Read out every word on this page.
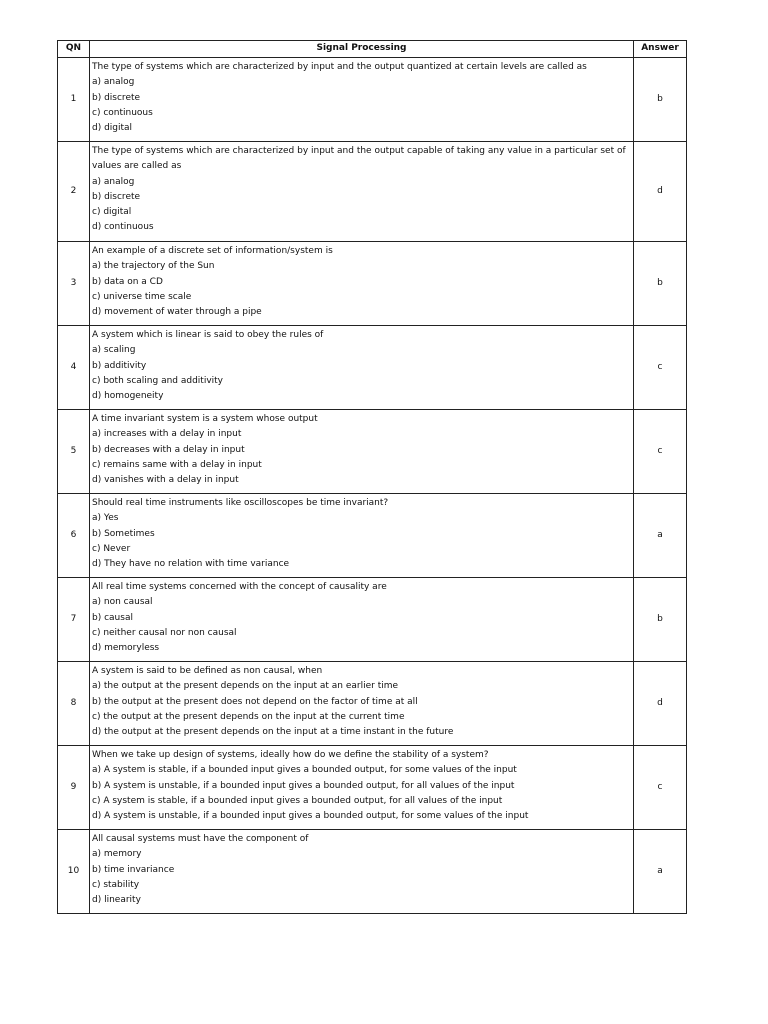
QN	Signal Processing	Answer
1	The type of systems which are characterized by input and the output quantized at certain levels are called as
a) analog
b) discrete
c) continuous
d) digital	b
2	The type of systems which are characterized by input and the output capable of taking any value in a particular set of values are called as
a) analog
b) discrete
c) digital
d) continuous	d
3	An example of a discrete set of information/system is
a) the trajectory of the Sun
b) data on a CD
c) universe time scale
d) movement of water through a pipe	b
4	A system which is linear is said to obey the rules of
a) scaling
b) additivity
c) both scaling and additivity
d) homogeneity	c
5	A time invariant system is a system whose output
a) increases with a delay in input
b) decreases with a delay in input
c) remains same with a delay in input
d) vanishes with a delay in input	c
6	Should real time instruments like oscilloscopes be time invariant?
a) Yes
b) Sometimes
c) Never
d) They have no relation with time variance	a
7	All real time systems concerned with the concept of causality are
a) non causal
b) causal
c) neither causal nor non causal
d) memoryless	b
8	A system is said to be defined as non causal, when
a) the output at the present depends on the input at an earlier time
b) the output at the present does not depend on the factor of time at all
c) the output at the present depends on the input at the current time
d) the output at the present depends on the input at a time instant in the future	d
9	When we take up design of systems, ideally how do we define the stability of a system?
a) A system is stable, if a bounded input gives a bounded output, for some values of the input
b) A system is unstable, if a bounded input gives a bounded output, for all values of the input
c) A system is stable, if a bounded input gives a bounded output, for all values of the input
d) A system is unstable, if a bounded input gives a bounded output, for some values of the input	c
10	All causal systems must have the component of
a) memory
b) time invariance
c) stability
d) linearity	a
